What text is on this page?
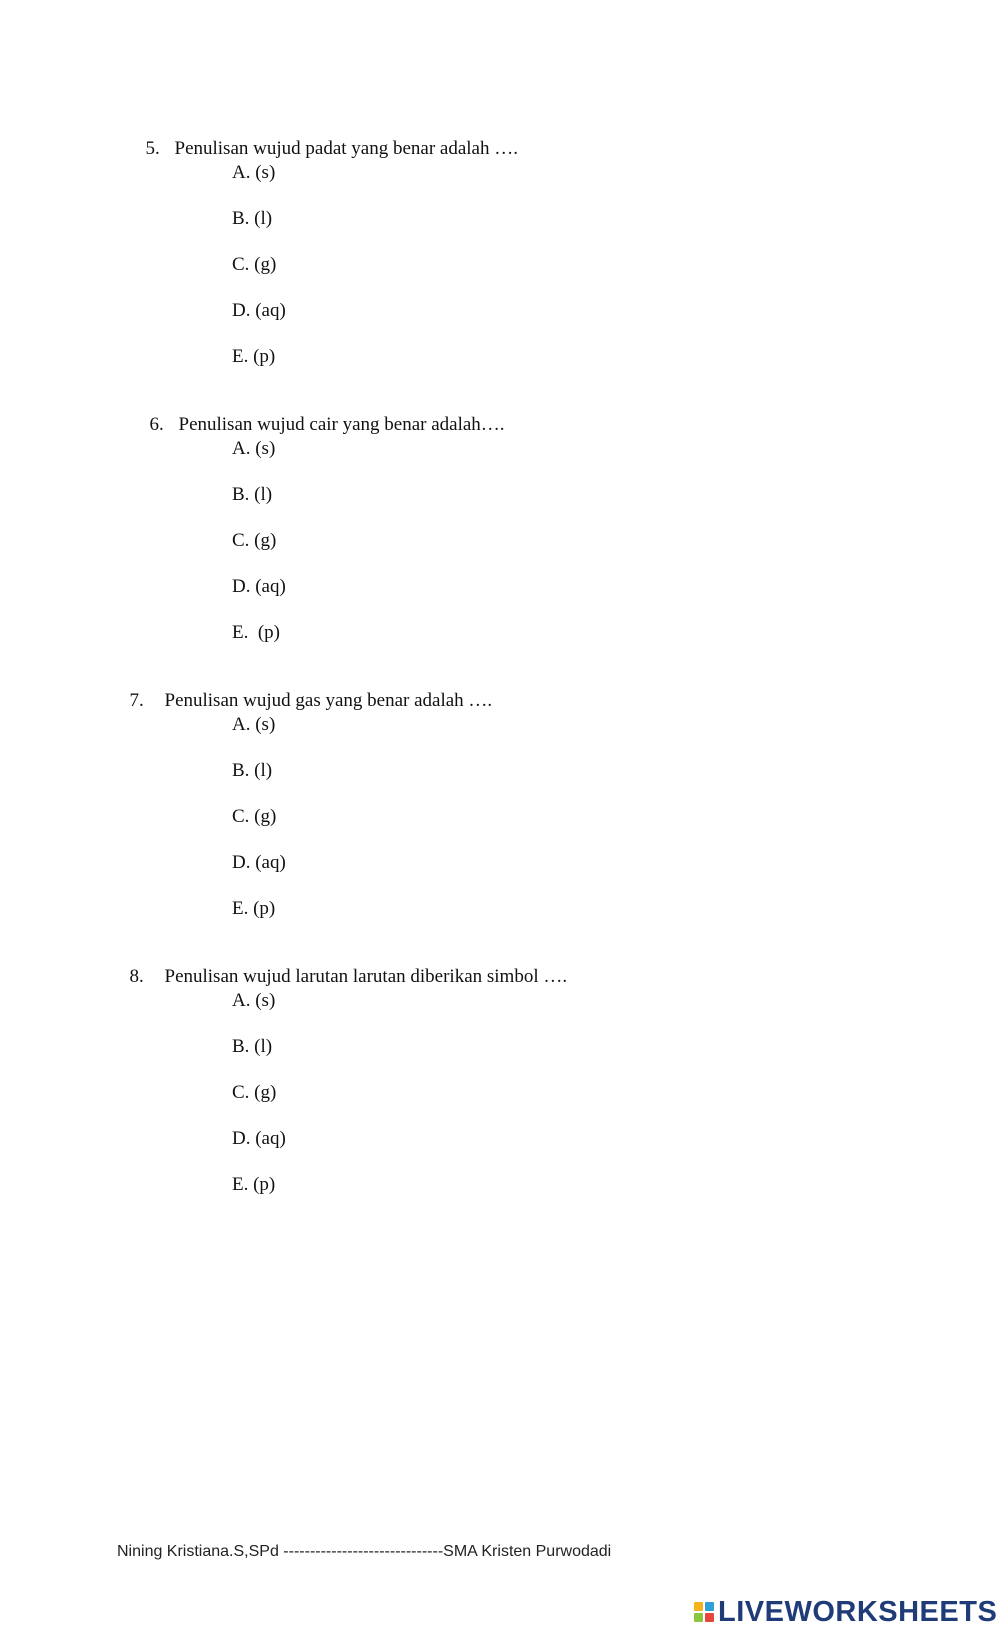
5. Penulisan wujud padat yang benar adalah ….

A. (s)
B. (l)
C. (g)
D. (aq)
E. (p)

6. Penulisan wujud cair yang benar adalah….

A. (s)
B. (l)
C. (g)
D. (aq)
E.  (p)

7. Penulisan wujud gas yang benar adalah ….

A. (s)
B. (l)
C. (g)
D. (aq)
E. (p)

8. Penulisan wujud larutan larutan diberikan simbol ….

A. (s)
B. (l)
C. (g)
D. (aq)
E. (p)
Nining Kristiana.S,SPd ------------------------------SMA Kristen Purwodadi
LIVEWORKSHEETS
